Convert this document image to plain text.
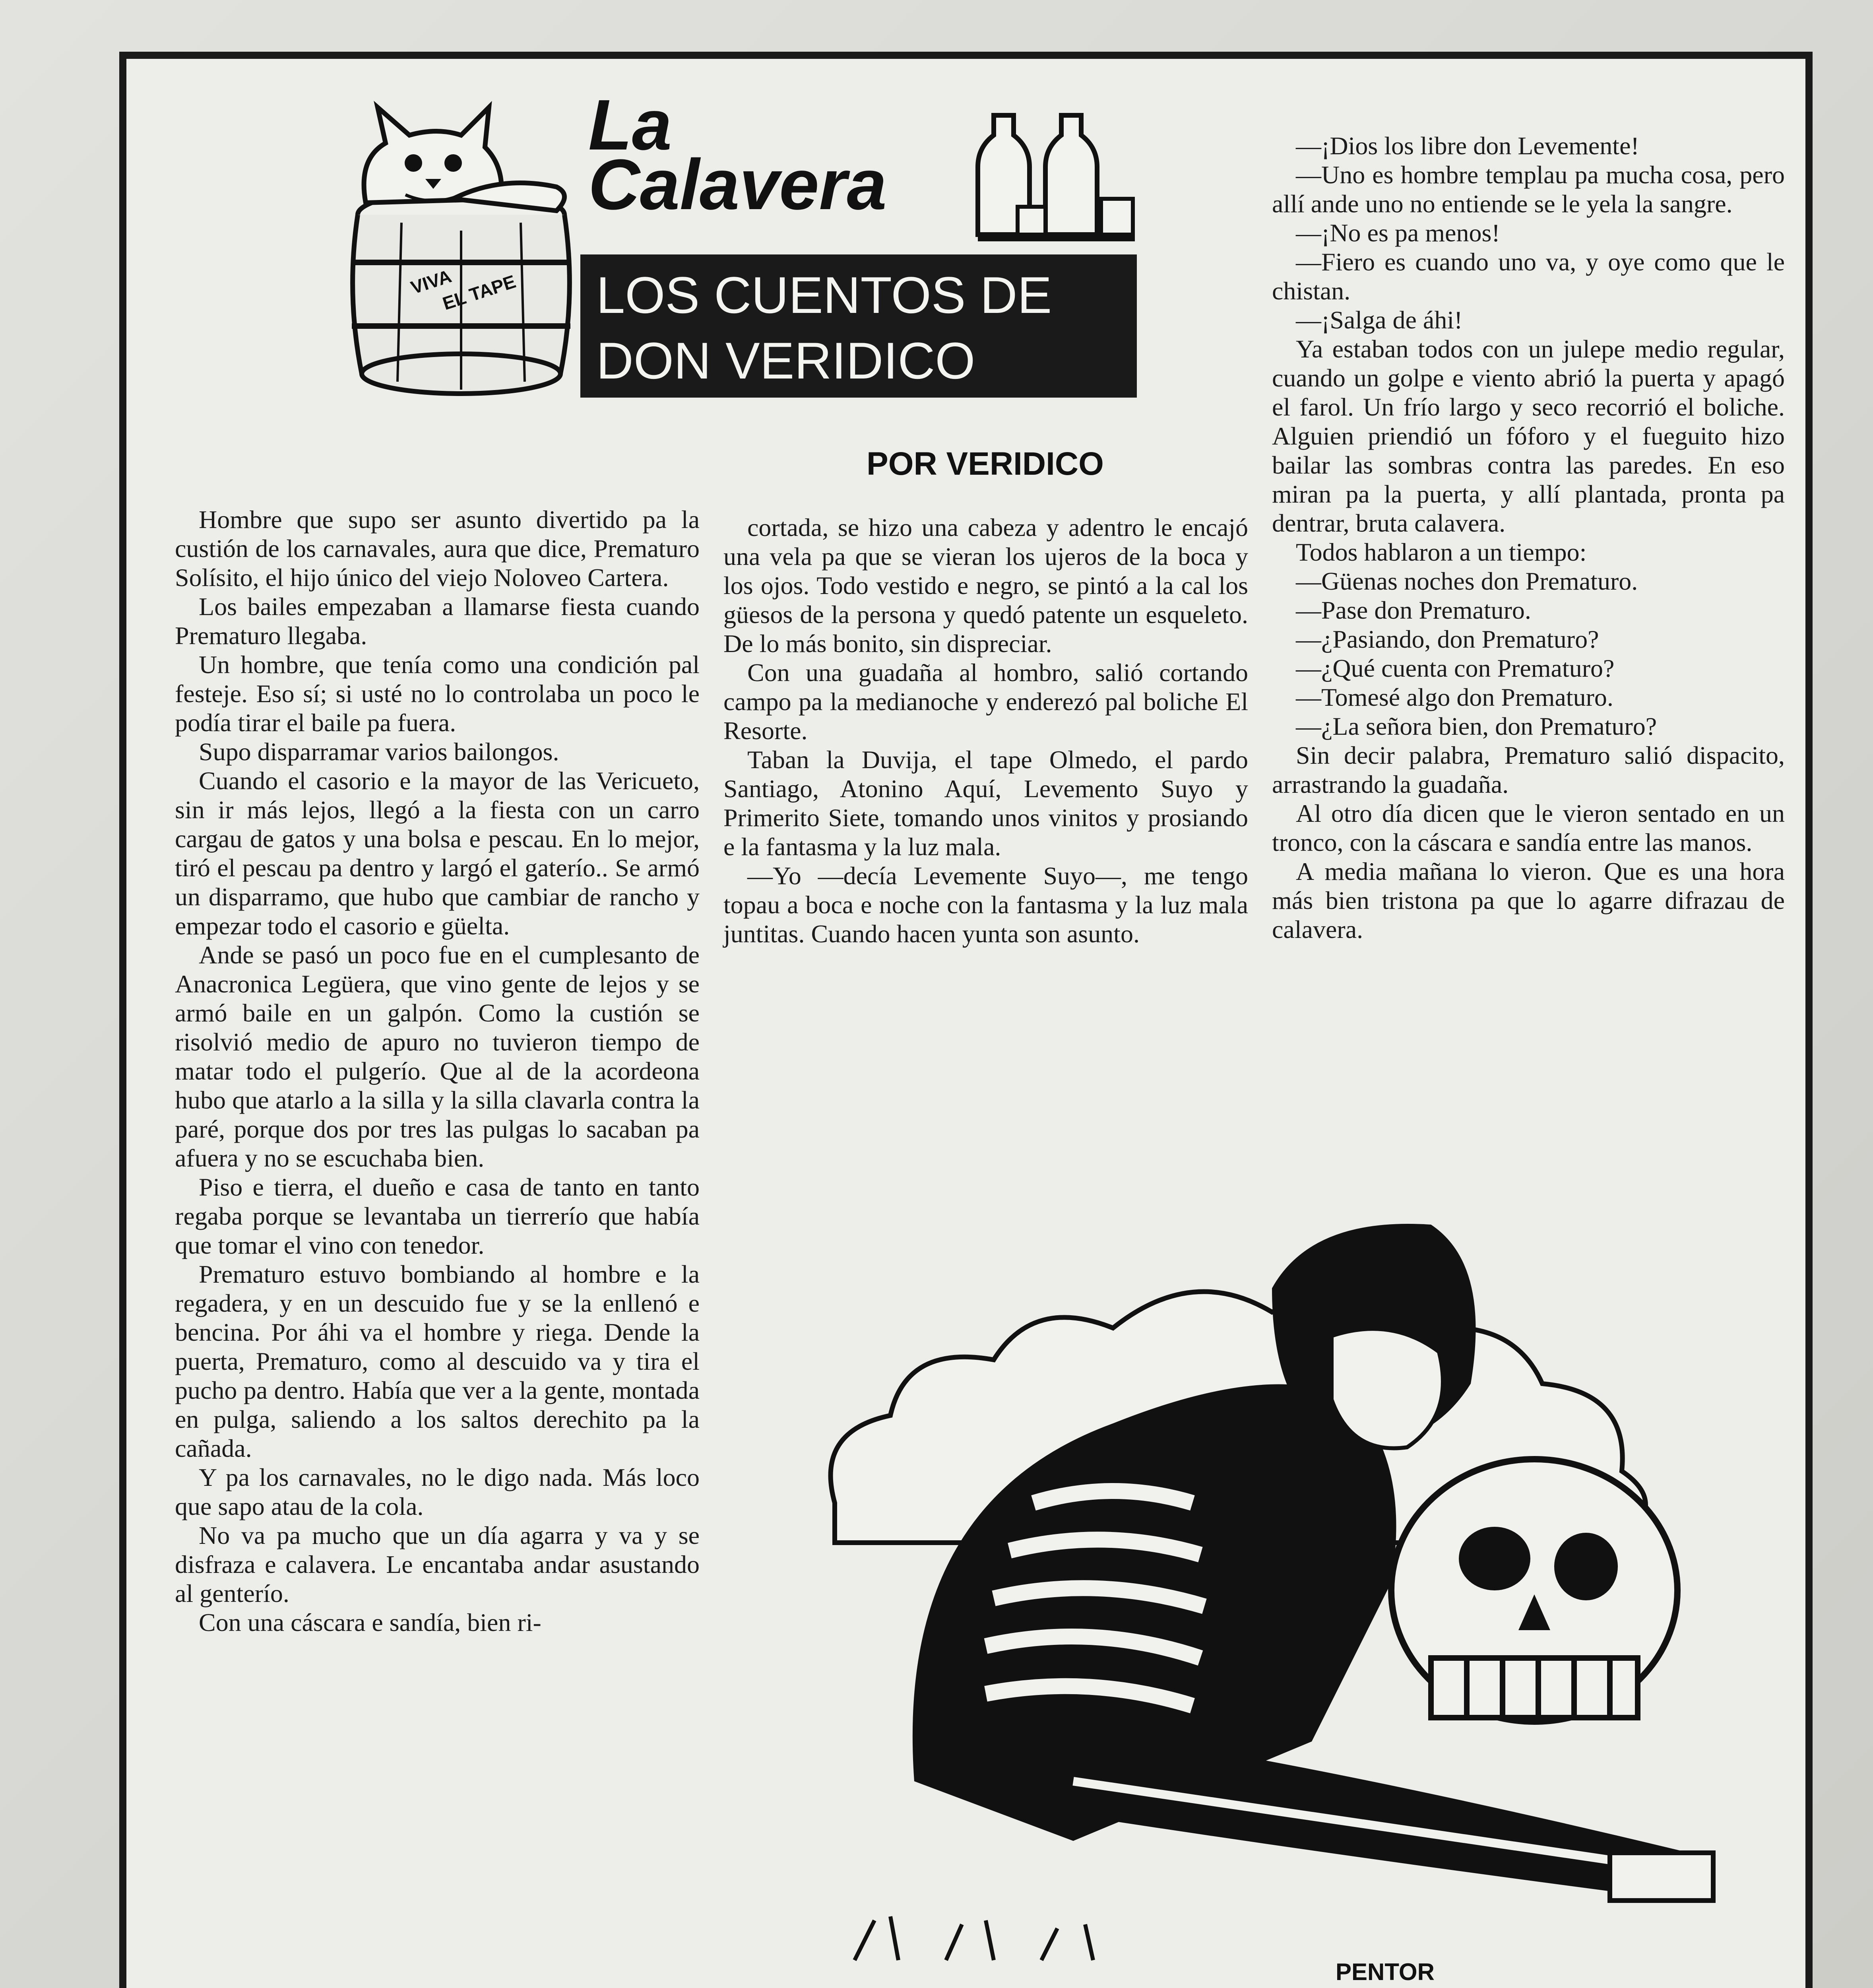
VIVA
EL TAPE
La
Calavera
LOS CUENTOS DE
DON VERIDICO
POR VERIDICO

Hombre que supo ser asunto divertido pa la custión de los carnavales, aura que dice, Prematuro Solísito, el hijo único del viejo Noloveo Cartera.

Los bailes empezaban a llamarse fiesta cuando Prematuro llegaba.

Un hombre, que tenía como una condición pal festeje. Eso sí; si usté no lo controlaba un poco le podía tirar el baile pa fuera.

Supo disparramar varios bailongos.

Cuando el casorio e la mayor de las Vericueto, sin ir más lejos, llegó a la fiesta con un carro cargau de gatos y una bolsa e pescau. En lo mejor, tiró el pescau pa dentro y largó el gaterío.. Se armó un disparramo, que hubo que cambiar de rancho y empezar todo el casorio e güelta.

Ande se pasó un poco fue en el cumplesanto de Anacronica Legüera, que vino gente de lejos y se armó baile en un galpón. Como la custión se risolvió medio de apuro no tuvieron tiempo de matar todo el pulgerío. Que al de la acordeona hubo que atarlo a la silla y la silla clavarla contra la paré, porque dos por tres las pulgas lo sacaban pa afuera y no se escuchaba bien.

Piso e tierra, el dueño e casa de tanto en tanto regaba porque se levantaba un tierrerío que había que tomar el vino con tenedor.

Prematuro estuvo bombiando al hombre e la regadera, y en un descuido fue y se la enllenó e bencina. Por áhi va el hombre y riega. Dende la puerta, Prematuro, como al descuido va y tira el pucho pa dentro. Había que ver a la gente, montada en pulga, saliendo a los saltos derechito pa la cañada.

Y pa los carnavales, no le digo nada. Más loco que sapo atau de la cola.

No va pa mucho que un día agarra y va y se disfraza e calavera. Le encantaba andar asustando al genterío.

Con una cáscara e sandía, bien ri-

cortada, se hizo una cabeza y adentro le encajó una vela pa que se vieran los ujeros de la boca y los ojos. Todo vestido e negro, se pintó a la cal los güesos de la persona y quedó patente un esqueleto. De lo más bonito, sin dispreciar.

Con una guadaña al hombro, salió cortando campo pa la medianoche y enderezó pal boliche El Resorte.

Taban la Duvija, el tape Olmedo, el pardo Santiago, Atonino Aquí, Levemento Suyo y Primerito Siete, tomando unos vinitos y prosiando e la fantasma y la luz mala.

—Yo —decía Levemente Suyo—, me tengo topau a boca e noche con la fantasma y la luz mala juntitas. Cuando hacen yunta son asunto.

—¡Dios los libre don Levemente!

—Uno es hombre templau pa mucha cosa, pero allí ande uno no entiende se le yela la sangre.

—¡No es pa menos!

—Fiero es cuando uno va, y oye como que le chistan.

—¡Salga de áhi!

Ya estaban todos con un julepe medio regular, cuando un golpe e viento abrió la puerta y apagó el farol. Un frío largo y seco recorrió el boliche. Alguien priendió un fóforo y el fueguito hizo bailar las sombras contra las paredes. En eso miran pa la puerta, y allí plantada, pronta pa dentrar, bruta calavera.

Todos hablaron a un tiempo:

—Güenas noches don Prematuro.

—Pase don Prematuro.

—¿Pasiando, don Prematuro?

—¿Qué cuenta con Prematuro?

—Tomesé algo don Prematuro.

—¿La señora bien, don Prematuro?

Sin decir palabra, Prematuro salió dispacito, arrastrando la guadaña.

Al otro día dicen que le vieron sentado en un tronco, con la cáscara e sandía entre las manos.

A media mañana lo vieron. Que es una hora más bien tristona pa que lo agarre difrazau de calavera.

PENTOR
